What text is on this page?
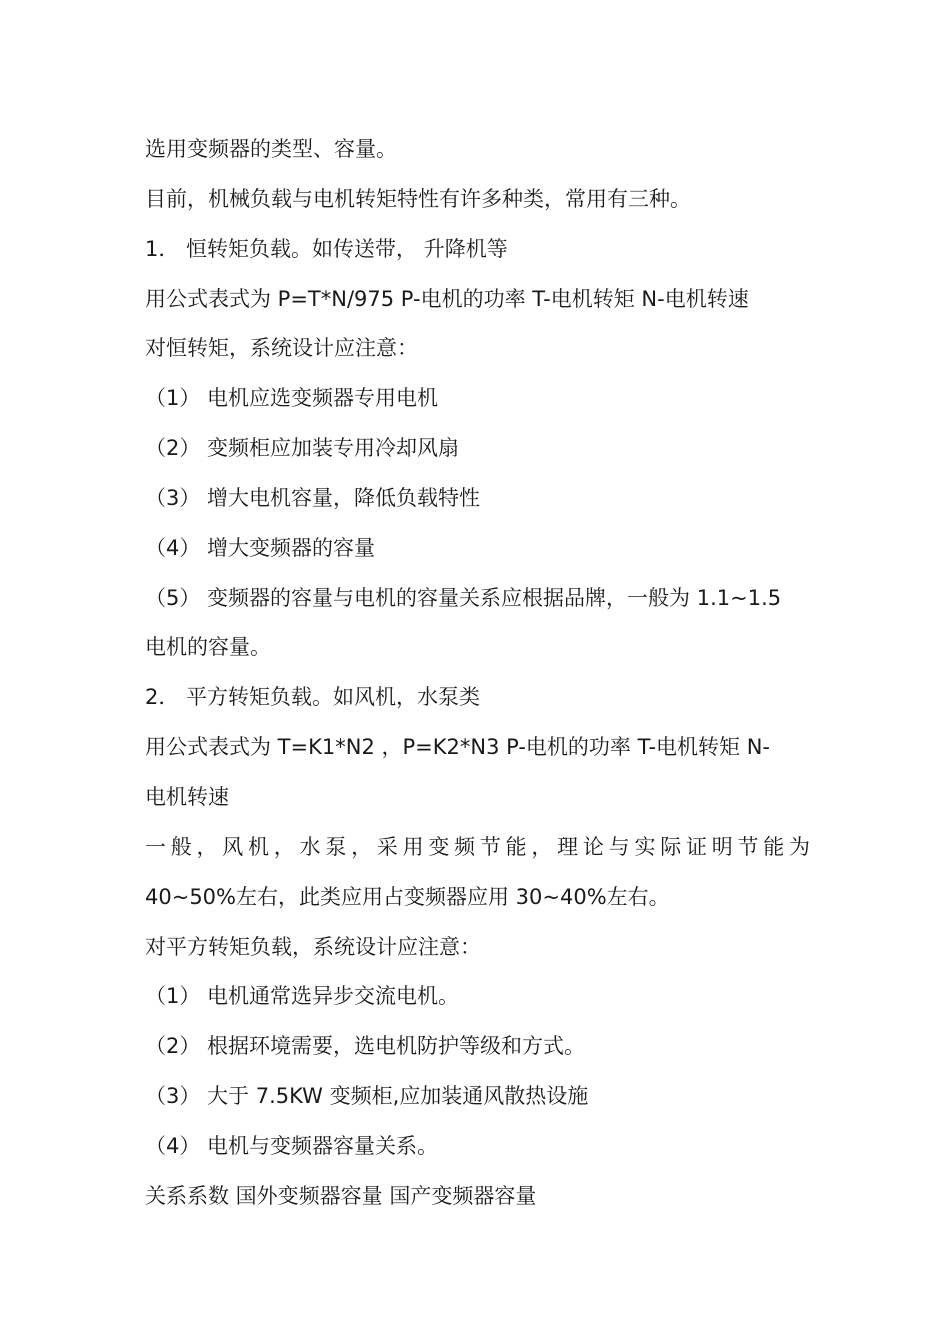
选用变频器的类型、容量。
目前，机械负载与电机转矩特性有许多种类，常用有三种。
1． 恒转矩负载。如传送带， 升降机等
用公式表式为 P=T*N/975 P-电机的功率 T-电机转矩 N-电机转速
对恒转矩，系统设计应注意：
（1） 电机应选变频器专用电机
（2） 变频柜应加装专用冷却风扇
（3） 增大电机容量，降低负载特性
（4） 增大变频器的容量
（5） 变频器的容量与电机的容量关系应根据品牌，一般为 1.1~1.5
电机的容量。
2． 平方转矩负载。如风机，水泵类
用公式表式为 T=K1*N2 ，P=K2*N3 P-电机的功率 T-电机转矩 N-
电机转速
一般，风机，水泵，采用变频节能，理论与实际证明节能为
40~50%左右，此类应用占变频器应用 30~40%左右。
对平方转矩负载，系统设计应注意：
（1） 电机通常选异步交流电机。
（2） 根据环境需要，选电机防护等级和方式。
（3） 大于 7.5KW 变频柜,应加装通风散热设施
（4） 电机与变频器容量关系。
关系系数 国外变频器容量 国产变频器容量
